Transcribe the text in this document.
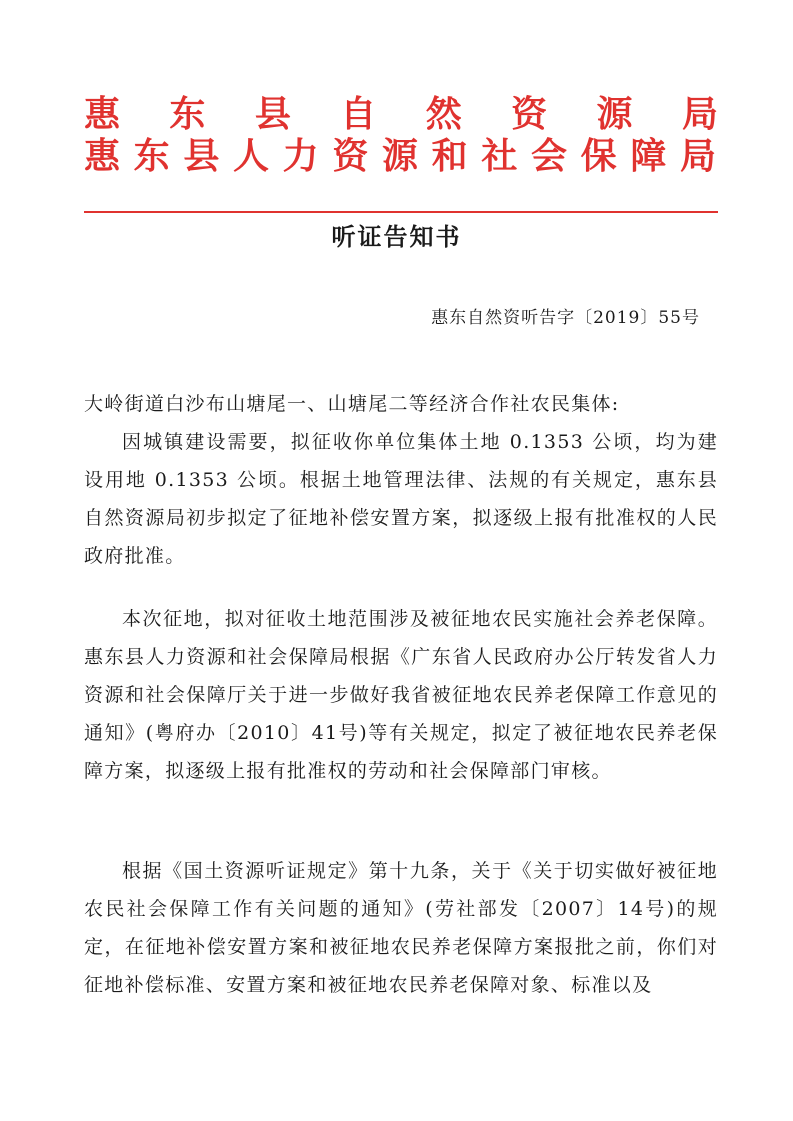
惠 东 县 自 然 资 源 局
惠东县人力资源和社会保障局
听证告知书
惠东自然资听告字〔2019〕55号
大岭街道白沙布山塘尾一、山塘尾二等经济合作社农民集体:

因城镇建设需要，拟征收你单位集体土地 0.1353 公顷，均为建设用地 0.1353 公顷。根据土地管理法律、法规的有关规定，惠东县自然资源局初步拟定了征地补偿安置方案，拟逐级上报有批准权的人民政府批准。

本次征地，拟对征收土地范围涉及被征地农民实施社会养老保障。惠东县人力资源和社会保障局根据《广东省人民政府办公厅转发省人力资源和社会保障厅关于进一步做好我省被征地农民养老保障工作意见的通知》(粤府办〔2010〕41号)等有关规定，拟定了被征地农民养老保障方案，拟逐级上报有批准权的劳动和社会保障部门审核。

根据《国土资源听证规定》第十九条，关于《关于切实做好被征地农民社会保障工作有关问题的通知》(劳社部发〔2007〕14号)的规定，在征地补偿安置方案和被征地农民养老保障方案报批之前，你们对征地补偿标准、安置方案和被征地农民养老保障对象、标准以及
